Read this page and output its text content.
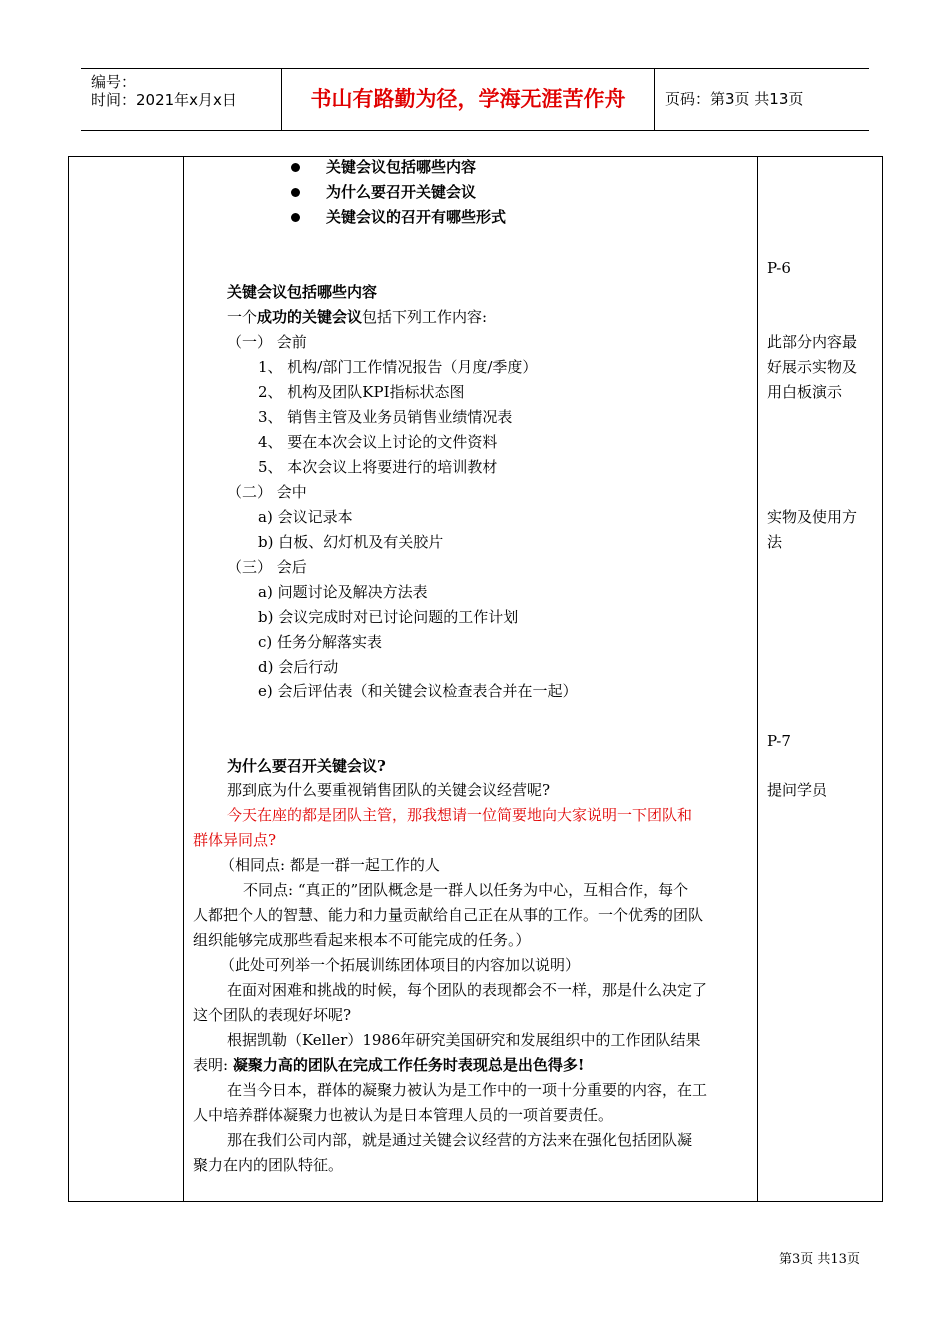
编号：
时间：2021年x月x日	书山有路勤为径，学海无涯苦作舟	页码：第3页 共13页
关键会议包括哪些内容
为什么要召开关键会议
关键会议的召开有哪些形式
关键会议包括哪些内容
一个成功的关键会议包括下列工作内容:
（一） 会前
1、 机构/部门工作情况报告（月度/季度）
2、 机构及团队KPI指标状态图
3、 销售主管及业务员销售业绩情况表
4、 要在本次会议上讨论的文件资料
5、 本次会议上将要进行的培训教材
（二） 会中
a) 会议记录本
b) 白板、幻灯机及有关胶片
（三） 会后
a) 问题讨论及解决方法表
b) 会议完成时对已讨论问题的工作计划
c) 任务分解落实表
d) 会后行动
e) 会后评估表（和关键会议检查表合并在一起）
为什么要召开关键会议?
那到底为什么要重视销售团队的关键会议经营呢?
今天在座的都是团队主管，那我想请一位简要地向大家说明一下团队和
群体异同点?
（相同点: 都是一群一起工作的人
不同点: “真正的”团队概念是一群人以任务为中心，互相合作，每个
人都把个人的智慧、能力和力量贡献给自己正在从事的工作。一个优秀的团队
组织能够完成那些看起来根本不可能完成的任务。）
（此处可列举一个拓展训练团体项目的内容加以说明）
在面对困难和挑战的时候，每个团队的表现都会不一样，那是什么决定了
这个团队的表现好坏呢?
根据凯勒（Keller）1986年研究美国研究和发展组织中的工作团队结果
表明: 凝聚力高的团队在完成工作任务时表现总是出色得多!
在当今日本，群体的凝聚力被认为是工作中的一项十分重要的内容，在工
人中培养群体凝聚力也被认为是日本管理人员的一项首要责任。
那在我们公司内部，就是通过关键会议经营的方法来在强化包括团队凝
聚力在内的团队特征。
P-6
此部分内容最
好展示实物及
用白板演示
实物及使用方
法
P-7
提问学员
第3页 共13页
